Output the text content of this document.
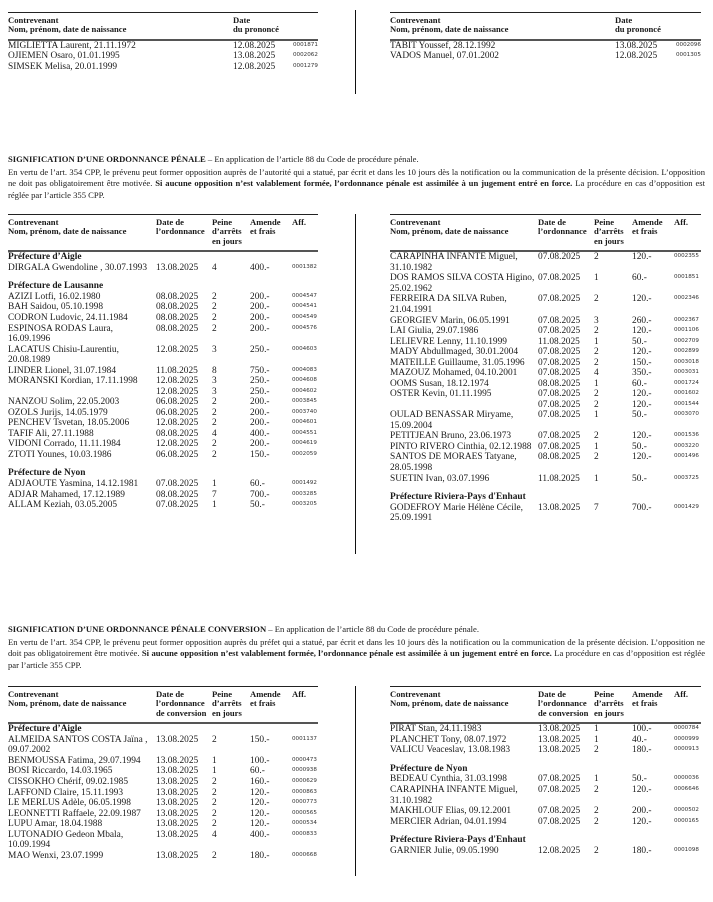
Contrevenant
Nom, prénom, date de naissance	Date
du prononcé	
MIGLIETTA Laurent, 21.11.1972	12.08.2025	0001871
OJIEMEN Osaro, 01.01.1995	13.08.2025	0002062
SIMSEK Melisa, 20.01.1999	12.08.2025	0001279
Contrevenant
Nom, prénom, date de naissance	Date
du prononcé	
TABIT Youssef, 28.12.1992	13.08.2025	0002096
VADOS Manuel, 07.01.2002	12.08.2025	0001305

SIGNIFICATION D’UNE ORDONNANCE PÉNALE – En application de l’article 88 du Code de procédure pénale.

En vertu de l’art. 354 CPP, le prévenu peut former opposition auprès de l’autorité qui a statué, par écrit et dans les 10 jours dès la notification ou la communication de la présente décision. L’opposition ne doit pas obligatoirement être motivée. Si aucune opposition n’est valablement formée, l’ordonnance pénale est assimilée à un jugement entré en force. La procédure en cas d’opposition est réglée par l’article 355 CPP.

Contrevenant
Nom, prénom, date de naissance	Date de
l’ordonnance	Peine
d’arrêts
en jours	Amende
et frais	Aff.
Préfecture d’Aigle				
DIRGALA Gwendoline , 30.07.1993	13.08.2025	4	400.-	0001382

Préfecture de Lausanne				
AZIZI Lotfi, 16.02.1980	08.08.2025	2	200.-	0004547
BAH Saidou, 05.10.1998	08.08.2025	2	200.-	0004541
CODRON Ludovic, 24.11.1984	08.08.2025	2	200.-	0004549
ESPINOSA RODAS Laura, 16.09.1996	08.08.2025	2	200.-	0004576
LACATUS Chisiu-Laurentiu, 20.08.1989	12.08.2025	3	250.-	0004603
LINDER Lionel, 31.07.1984	11.08.2025	8	750.-	0004083
MORANSKI Kordian, 17.11.1998	12.08.2025	3	250.-	0004608
	12.08.2025	3	250.-	0004602
NANZOU Solim, 22.05.2003	06.08.2025	2	200.-	0003845
OZOLS Jurijs, 14.05.1979	06.08.2025	2	200.-	0003740
PENCHEV Tsvetan, 18.05.2006	12.08.2025	2	200.-	0004601
TAFIF Ali, 27.11.1988	08.08.2025	4	400.-	0004551
VIDONI Corrado, 11.11.1984	12.08.2025	2	200.-	0004619
ZTOTI Younes, 10.03.1986	06.08.2025	2	150.-	0002059

Préfecture de Nyon				
ADJAOUTE Yasmina, 14.12.1981	07.08.2025	1	60.-	0001492
ADJAR Mahamed, 17.12.1989	08.08.2025	7	700.-	0003285
ALLAM Keziah, 03.05.2005	07.08.2025	1	50.-	0003205
Contrevenant
Nom, prénom, date de naissance	Date de
l’ordonnance	Peine
d’arrêts
en jours	Amende
et frais	Aff.
CARAPINHA INFANTE Miguel, 31.10.1982	07.08.2025	2	120.-	0002355
DOS RAMOS SILVA COSTA Higino, 25.02.1962	07.08.2025	1	60.-	0001851
FERREIRA DA SILVA Ruben, 21.04.1991	07.08.2025	2	120.-	0002346
GEORGIEV Marin, 06.05.1991	07.08.2025	3	260.-	0002367
LAI Giulia, 29.07.1986	07.08.2025	2	120.-	0001106
LELIEVRE Lenny, 11.10.1999	11.08.2025	1	50.-	0002709
MADY Abdullmaged, 30.01.2004	07.08.2025	2	120.-	0002899
MATEILLE Guillaume, 31.05.1996	07.08.2025	2	150.-	0003018
MAZOUZ Mohamed, 04.10.2001	07.08.2025	4	350.-	0003031
OOMS Susan, 18.12.1974	08.08.2025	1	60.-	0001724
OSTER Kevin, 01.11.1995	07.08.2025	2	120.-	0001602
	07.08.2025	2	120.-	0001544
OULAD BENASSAR Miryame, 15.09.2004	07.08.2025	1	50.-	0003070
PETITJEAN Bruno, 23.06.1973	07.08.2025	2	120.-	0001536
PINTO RIVERO Cinthia, 02.12.1988	07.08.2025	1	50.-	0003220
SANTOS DE MORAES Tatyane, 28.05.1998	08.08.2025	2	120.-	0001496
SUETIN Ivan, 03.07.1996	11.08.2025	1	50.-	0003725

Préfecture Riviera-Pays d'Enhaut				
GODEFROY Marie Hélène Cécile, 25.09.1991	13.08.2025	7	700.-	0001429

SIGNIFICATION D’UNE ORDONNANCE PÉNALE CONVERSION – En application de l’article 88 du Code de procédure pénale.

En vertu de l’art. 354 CPP, le prévenu peut former opposition auprès du préfet qui a statué, par écrit et dans les 10 jours dès la notification ou la communication de la présente décision. L’opposition ne doit pas obligatoirement être motivée. Si aucune opposition n’est valablement formée, l’ordonnance pénale est assimilée à un jugement entré en force. La procédure en cas d’opposition est réglée par l’article 355 CPP.

Contrevenant
Nom, prénom, date de naissance	Date de
l’ordonnance
de conversion	Peine
d’arrêts
en jours	Amende
et frais	Aff.
Préfecture d’Aigle				
ALMEIDA SANTOS COSTA Jaïna , 09.07.2002	13.08.2025	2	150.-	0001137
BENMOUSSA Fatima, 29.07.1994	13.08.2025	1	100.-	0000473
BOSI Riccardo, 14.03.1965	13.08.2025	1	60.-	0000938
CISSOKHO Chérif, 09.02.1985	13.08.2025	2	160.-	0000629
LAFFOND Claire, 15.11.1993	13.08.2025	2	120.-	0000863
LE MERLUS Adèle, 06.05.1998	13.08.2025	2	120.-	0000773
LEONNETTI Raffaele, 22.09.1987	13.08.2025	2	120.-	0000565
LUPU Amar, 18.04.1988	13.08.2025	2	120.-	0000534
LUTONADIO Gedeon Mbala, 10.09.1994	13.08.2025	4	400.-	0000833
MAO Wenxi, 23.07.1999	13.08.2025	2	180.-	0000668
Contrevenant
Nom, prénom, date de naissance	Date de
l’ordonnance
de conversion	Peine
d’arrêts
en jours	Amende
et frais	Aff.
PIRAT Stan, 24.11.1983	13.08.2025	1	100.-	0000784
PLANCHET Tony, 08.07.1972	13.08.2025	1	40.-	0000999
VALICU Veaceslav, 13.08.1983	13.08.2025	2	180.-	0000913

Préfecture de Nyon				
BEDEAU Cynthia, 31.03.1998	07.08.2025	1	50.-	0000036
CARAPINHA INFANTE Miguel, 31.10.1982	07.08.2025	2	120.-	0006646
MAKHLOUF Elias, 09.12.2001	07.08.2025	2	200.-	0000502
MERCIER Adrian, 04.01.1994	07.08.2025	2	120.-	0000165

Préfecture Riviera-Pays d'Enhaut				
GARNIER Julie, 09.05.1990	12.08.2025	2	180.-	0001098
